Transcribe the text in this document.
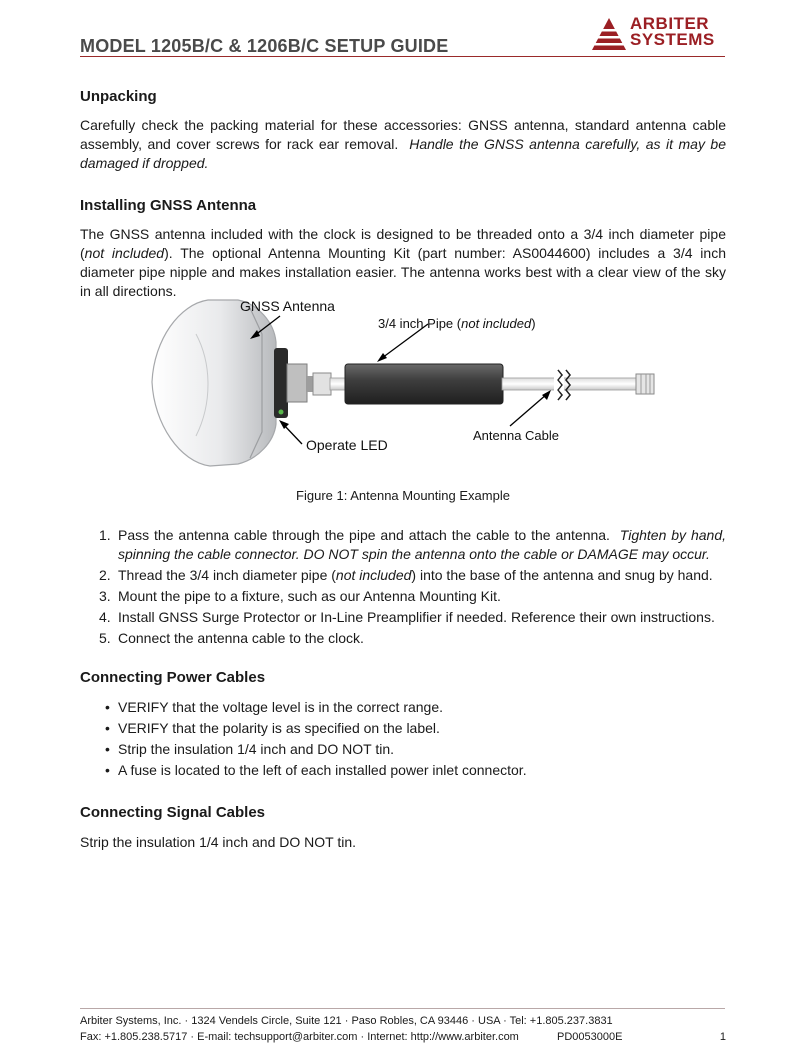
MODEL 1205B/C & 1206B/C SETUP GUIDE
ARBITER
SYSTEMS
Unpacking

Carefully check the packing material for these accessories: GNSS antenna, standard antenna cable assembly, and cover screws for rack ear removal. Handle the GNSS antenna carefully, as it may be damaged if dropped.

Installing GNSS Antenna

The GNSS antenna included with the clock is designed to be threaded onto a 3/4 inch diameter pipe (not included). The optional Antenna Mounting Kit (part number: AS0044600) includes a 3/4 inch diameter pipe nipple and makes installation easier. The antenna works best with a clear view of the sky in all directions.

GNSS Antenna
3/4 inch Pipe (not included)
Operate LED
Antenna Cable
Figure 1: Antenna Mounting Example
1. Pass the antenna cable through the pipe and attach the cable to the antenna. Tighten by hand, spinning the cable connector. DO NOT spin the antenna onto the cable or DAMAGE may occur.
2. Thread the 3/4 inch diameter pipe (not included) into the base of the antenna and snug by hand.
3. Mount the pipe to a fixture, such as our Antenna Mounting Kit.
4. Install GNSS Surge Protector or In-Line Preamplifier if needed. Reference their own instructions.
5. Connect the antenna cable to the clock.
Connecting Power Cables
• VERIFY that the voltage level is in the correct range.
• VERIFY that the polarity is as specified on the label.
• Strip the insulation 1/4 inch and DO NOT tin.
• A fuse is located to the left of each installed power inlet connector.
Connecting Signal Cables

Strip the insulation 1/4 inch and DO NOT tin.

Arbiter Systems, Inc. · 1324 Vendels Circle, Suite 121 · Paso Robles, CA 93446 · USA · Tel: +1.805.237.3831
Fax: +1.805.238.5717 · E-mail: techsupport@arbiter.com · Internet: http://www.arbiter.com	PD0053000E	1
